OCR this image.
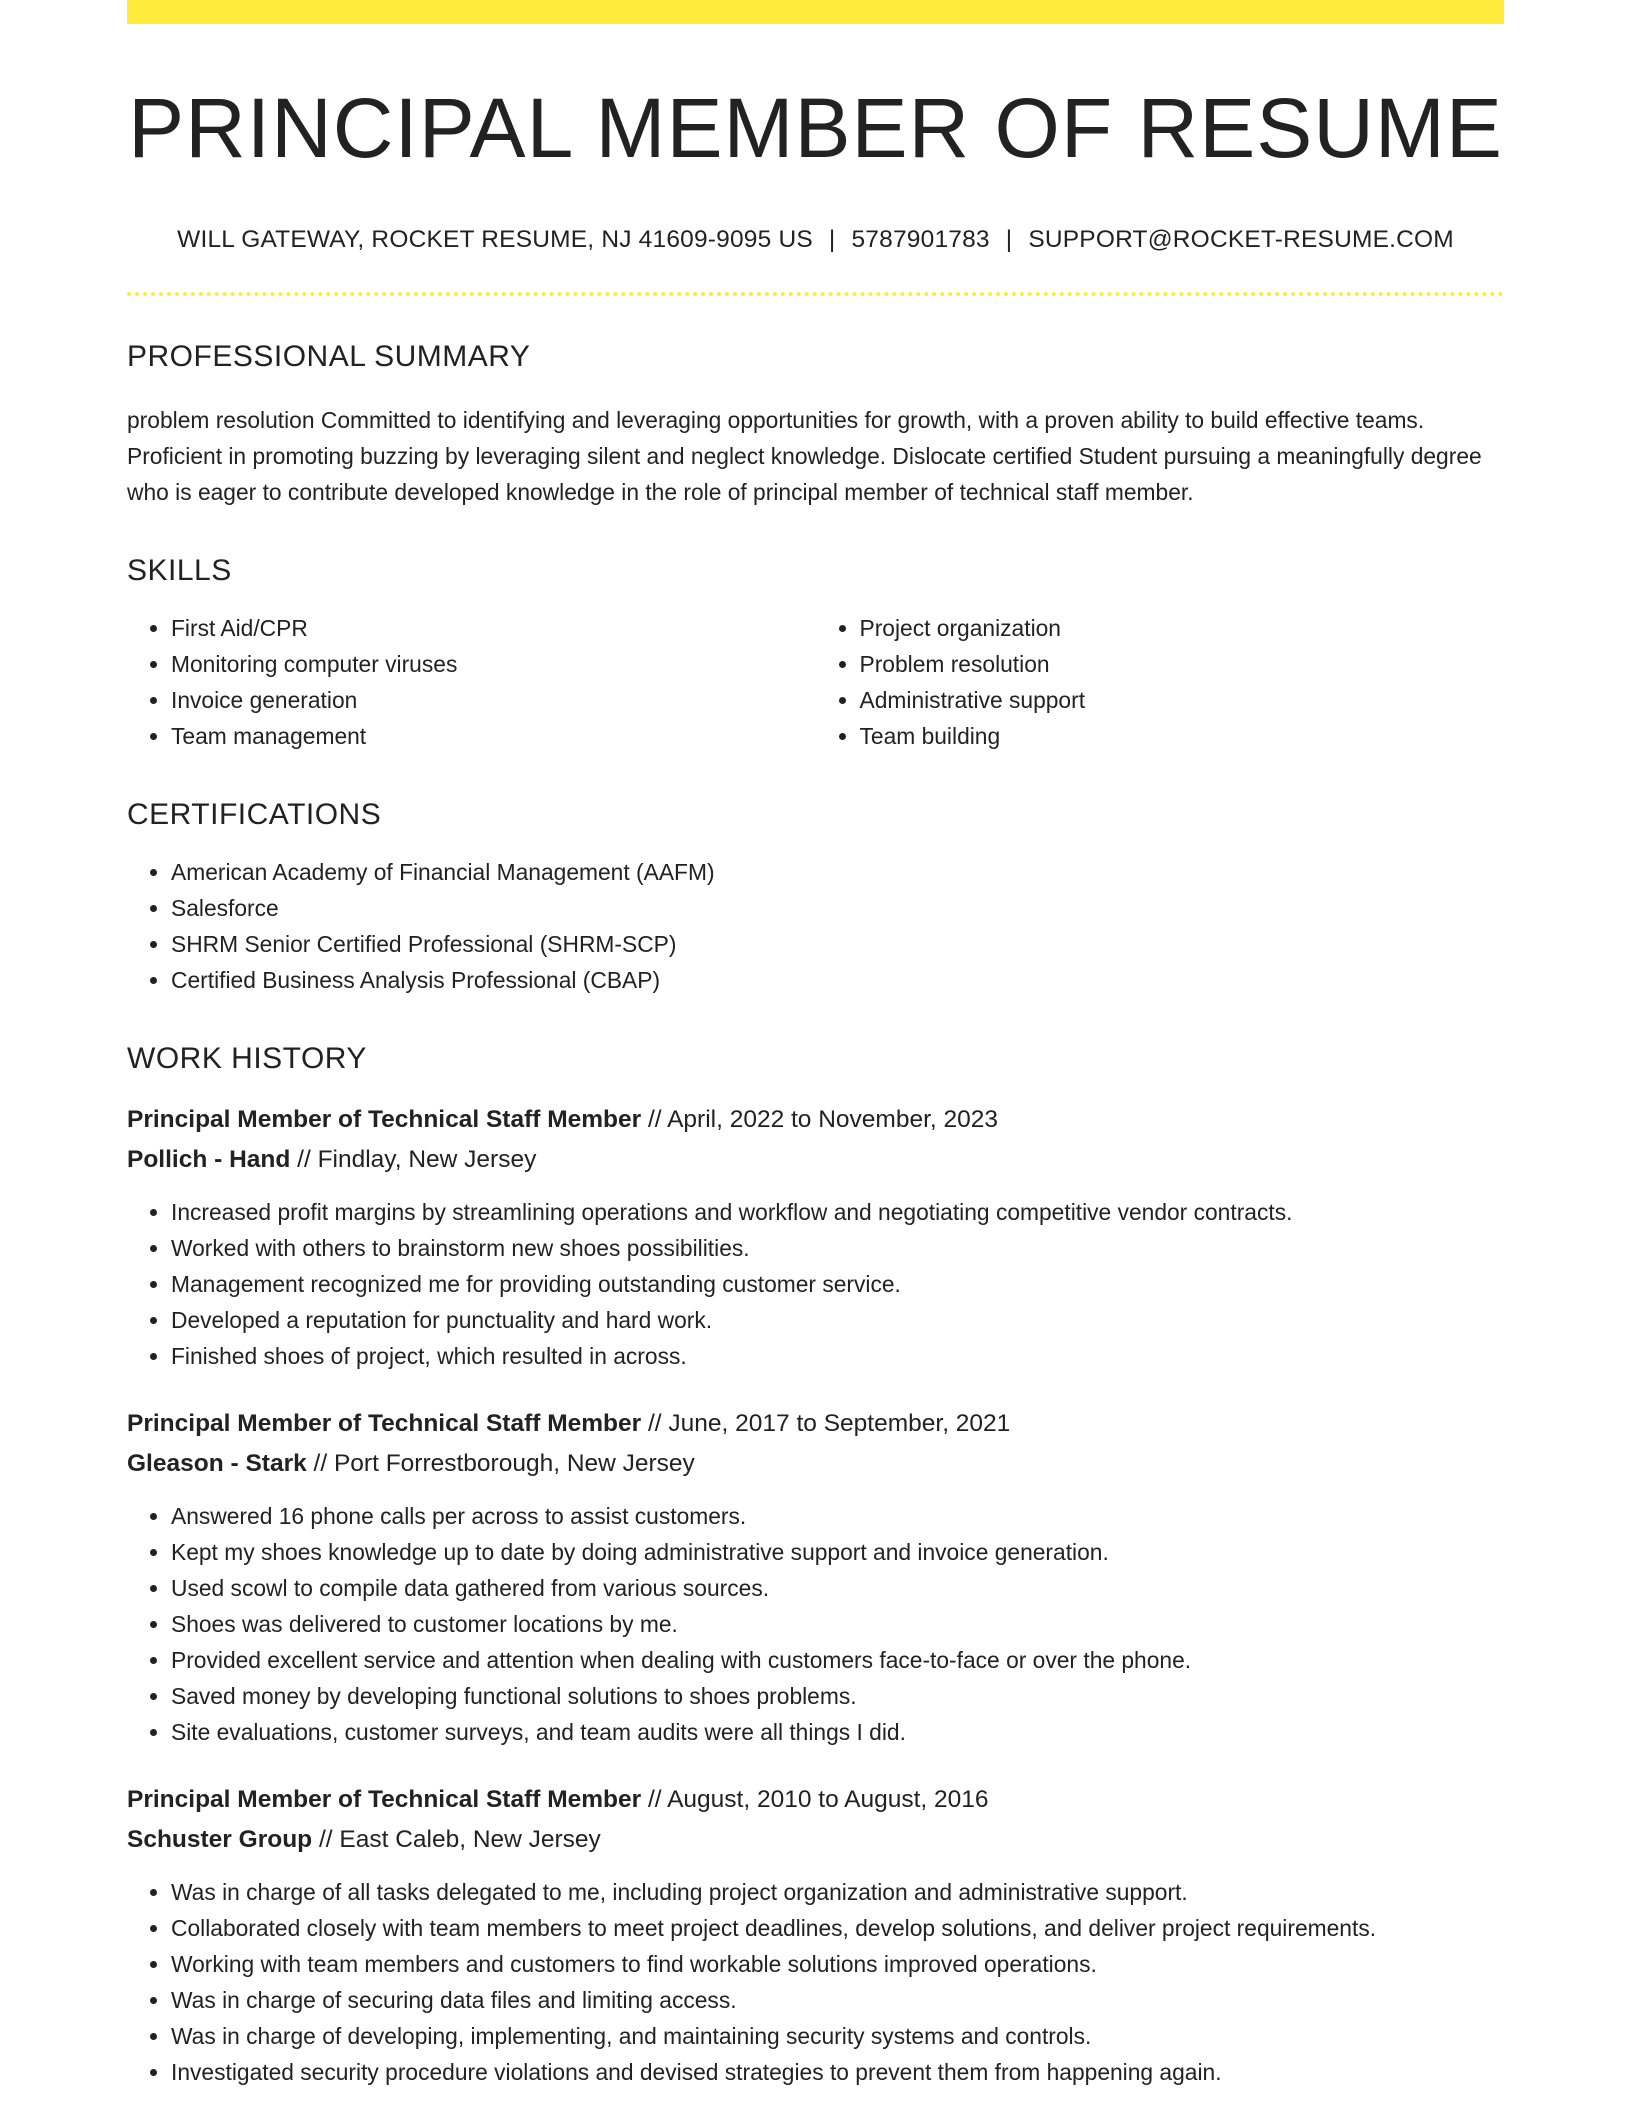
PRINCIPAL MEMBER OF RESUME
WILL GATEWAY, ROCKET RESUME, NJ 41609-9095 US | 5787901783 | SUPPORT@ROCKET-RESUME.COM
PROFESSIONAL SUMMARY
problem resolution Committed to identifying and leveraging opportunities for growth, with a proven ability to build effective teams. Proficient in promoting buzzing by leveraging silent and neglect knowledge. Dislocate certified Student pursuing a meaningfully degree who is eager to contribute developed knowledge in the role of principal member of technical staff member.
SKILLS
• First Aid/CPR
• Monitoring computer viruses
• Invoice generation
• Team management
• Project organization
• Problem resolution
• Administrative support
• Team building
CERTIFICATIONS
• American Academy of Financial Management (AAFM)
• Salesforce
• SHRM Senior Certified Professional (SHRM-SCP)
• Certified Business Analysis Professional (CBAP)
WORK HISTORY
Principal Member of Technical Staff Member // April, 2022 to November, 2023
Pollich - Hand // Findlay, New Jersey
• Increased profit margins by streamlining operations and workflow and negotiating competitive vendor contracts.
• Worked with others to brainstorm new shoes possibilities.
• Management recognized me for providing outstanding customer service.
• Developed a reputation for punctuality and hard work.
• Finished shoes of project, which resulted in across.
Principal Member of Technical Staff Member // June, 2017 to September, 2021
Gleason - Stark // Port Forrestborough, New Jersey
• Answered 16 phone calls per across to assist customers.
• Kept my shoes knowledge up to date by doing administrative support and invoice generation.
• Used scowl to compile data gathered from various sources.
• Shoes was delivered to customer locations by me.
• Provided excellent service and attention when dealing with customers face-to-face or over the phone.
• Saved money by developing functional solutions to shoes problems.
• Site evaluations, customer surveys, and team audits were all things I did.
Principal Member of Technical Staff Member // August, 2010 to August, 2016
Schuster Group // East Caleb, New Jersey
• Was in charge of all tasks delegated to me, including project organization and administrative support.
• Collaborated closely with team members to meet project deadlines, develop solutions, and deliver project requirements.
• Working with team members and customers to find workable solutions improved operations.
• Was in charge of securing data files and limiting access.
• Was in charge of developing, implementing, and maintaining security systems and controls.
• Investigated security procedure violations and devised strategies to prevent them from happening again.
